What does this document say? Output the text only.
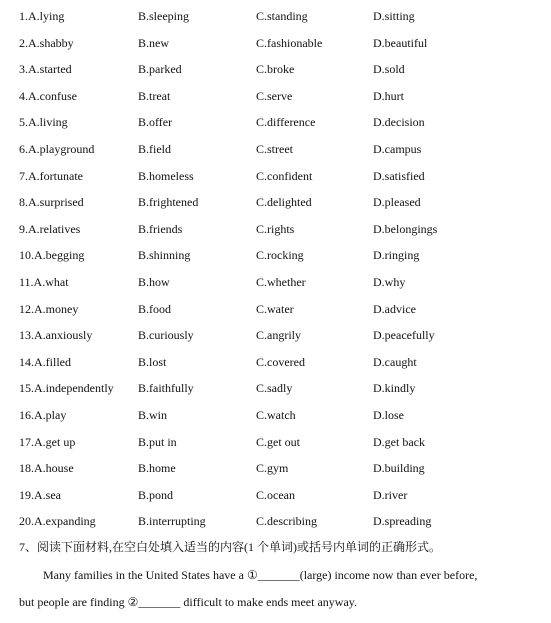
1.A.lying	B.sleeping	C.standing	D.sitting
2.A.shabby	B.new	C.fashionable	D.beautiful
3.A.started	B.parked	C.broke	D.sold
4.A.confuse	B.treat	C.serve	D.hurt
5.A.living	B.offer	C.difference	D.decision
6.A.playground	B.field	C.street	D.campus
7.A.fortunate	B.homeless	C.confident	D.satisfied
8.A.surprised	B.frightened	C.delighted	D.pleased
9.A.relatives	B.friends	C.rights	D.belongings
10.A.begging	B.shinning	C.rocking	D.ringing
11.A.what	B.how	C.whether	D.why
12.A.money	B.food	C.water	D.advice
13.A.anxiously	B.curiously	C.angrily	D.peacefully
14.A.filled	B.lost	C.covered	D.caught
15.A.independently B.faithfully	C.sadly	D.kindly
16.A.play	B.win	C.watch	D.lose
17.A.get up	B.put in	C.get out	D.get back
18.A.house	B.home	C.gym	D.building
19.A.sea	B.pond	C.ocean	D.river
20.A.expanding	B.interrupting	C.describing	D.spreading
7、阅读下面材料,在空白处填入适当的内容(1 个单词)或括号内单词的正确形式。
Many families in the United States have a ①_______(large) income now than ever before,
but people are finding ②_______ difficult to make ends meet anyway.
